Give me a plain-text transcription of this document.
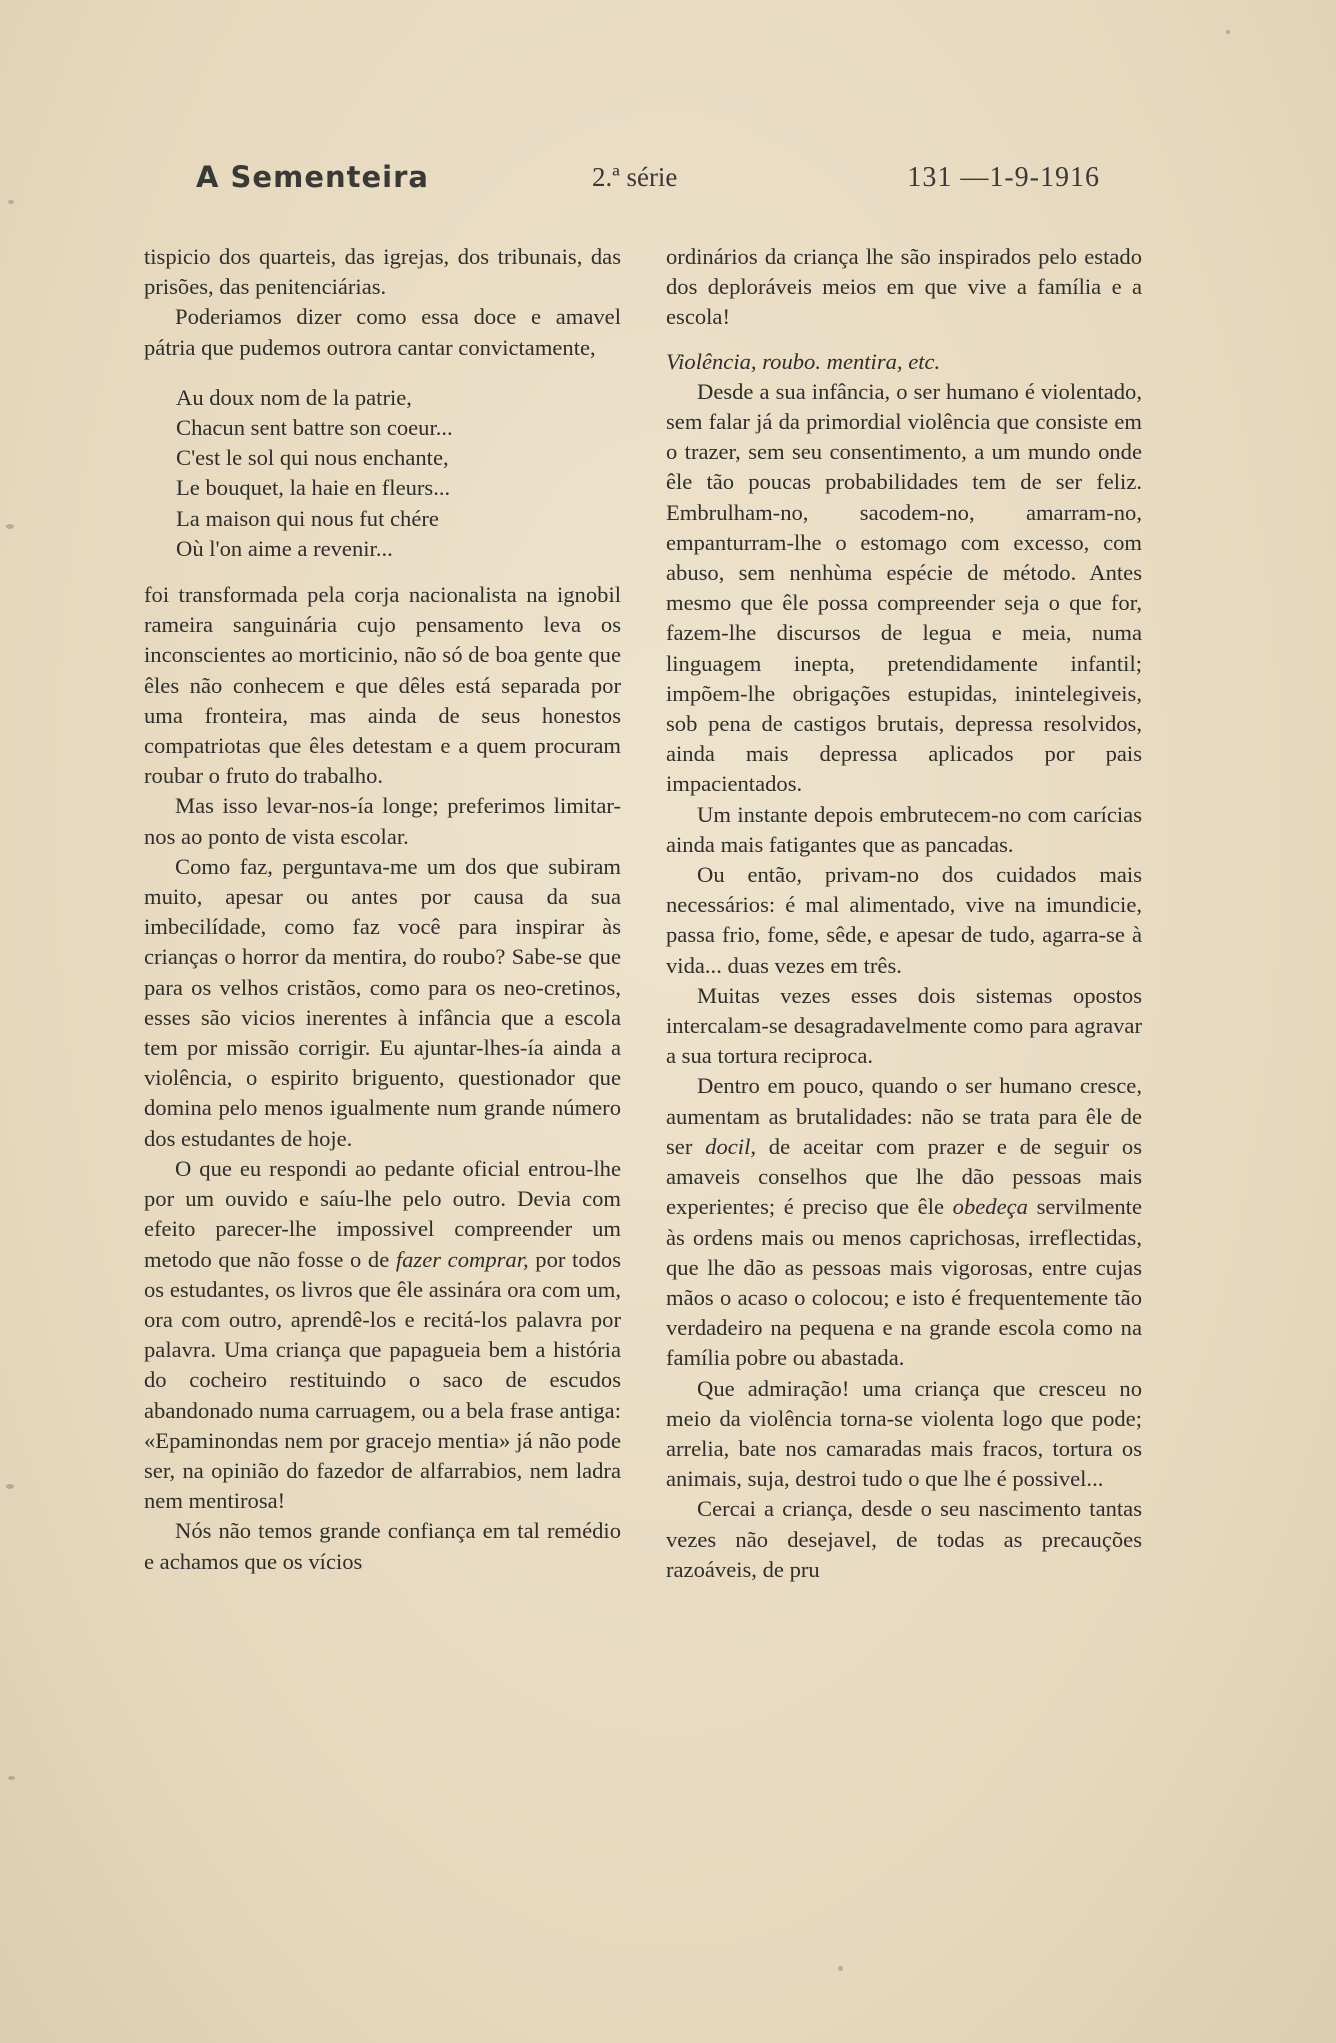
A Sementeira	2.ª série	131 —1-9-1916

tispicio dos quarteis, das igrejas, dos tribunais, das prisões, das penitenciárias.

Poderiamos dizer como essa doce e amavel pátria que pudemos outrora cantar convictamente,

Au doux nom de la patrie,
Chacun sent battre son coeur...
C'est le sol qui nous enchante,
Le bouquet, la haie en fleurs...
La maison qui nous fut chére
Où l'on aime a revenir...

foi transformada pela corja nacionalista na ignobil rameira sanguinária cujo pensamento leva os inconscientes ao morticinio, não só de boa gente que êles não conhecem e que dêles está separada por uma fronteira, mas ainda de seus honestos compatriotas que êles detestam e a quem procuram roubar o fruto do trabalho.

Mas isso levar-nos-ía longe; preferimos limitar-nos ao ponto de vista escolar.

Como faz, perguntava-me um dos que subiram muito, apesar ou antes por causa da sua imbecilídade, como faz você para inspirar às crianças o horror da mentira, do roubo? Sabe-se que para os velhos cristãos, como para os neo-cretinos, esses são vicios inerentes à infância que a escola tem por missão corrigir. Eu ajuntar-lhes-ía ainda a violência, o espirito briguento, questionador que domina pelo menos igualmente num grande número dos estudantes de hoje.

O que eu respondi ao pedante oficial entrou-lhe por um ouvido e saíu-lhe pelo outro. Devia com efeito parecer-lhe impossivel compreender um metodo que não fosse o de fazer comprar, por todos os estudantes, os livros que êle assinára ora com um, ora com outro, aprendê-los e recitá-los palavra por palavra. Uma criança que papagueia bem a história do cocheiro restituindo o saco de escudos abandonado numa carruagem, ou a bela frase antiga: «Epaminondas nem por gracejo mentia» já não pode ser, na opinião do fazedor de alfarrabios, nem ladra nem mentirosa!

Nós não temos grande confiança em tal remédio e achamos que os vícios

ordinários da criança lhe são inspirados pelo estado dos deploráveis meios em que vive a família e a escola!

Violência, roubo. mentira, etc.

Desde a sua infância, o ser humano é violentado, sem falar já da primordial violência que consiste em o trazer, sem seu consentimento, a um mundo onde êle tão poucas probabilidades tem de ser feliz. Embrulham-no, sacodem-no, amarram-no, empanturram-lhe o estomago com excesso, com abuso, sem nenhùma espécie de método. Antes mesmo que êle possa compreender seja o que for, fazem-lhe discursos de legua e meia, numa linguagem inepta, pretendidamente infantil; impõem-lhe obrigações estupidas, inintelegiveis, sob pena de castigos brutais, depressa resolvidos, ainda mais depressa aplicados por pais impacientados.

Um instante depois embrutecem-no com carícias ainda mais fatigantes que as pancadas.

Ou então, privam-no dos cuidados mais necessários: é mal alimentado, vive na imundicie, passa frio, fome, sêde, e apesar de tudo, agarra-se à vida... duas vezes em três.

Muitas vezes esses dois sistemas opostos intercalam-se desagradavelmente como para agravar a sua tortura reciproca.

Dentro em pouco, quando o ser humano cresce, aumentam as brutalidades: não se trata para êle de ser docil, de aceitar com prazer e de seguir os amaveis conselhos que lhe dão pessoas mais experientes; é preciso que êle obedeça servilmente às ordens mais ou menos caprichosas, irreflectidas, que lhe dão as pessoas mais vigorosas, entre cujas mãos o acaso o colocou; e isto é frequentemente tão verdadeiro na pequena e na grande escola como na família pobre ou abastada.

Que admiração! uma criança que cresceu no meio da violência torna-se violenta logo que pode; arrelia, bate nos camaradas mais fracos, tortura os animais, suja, destroi tudo o que lhe é possivel...

Cercai a criança, desde o seu nascimento tantas vezes não desejavel, de todas as precauções razoáveis, de pru
